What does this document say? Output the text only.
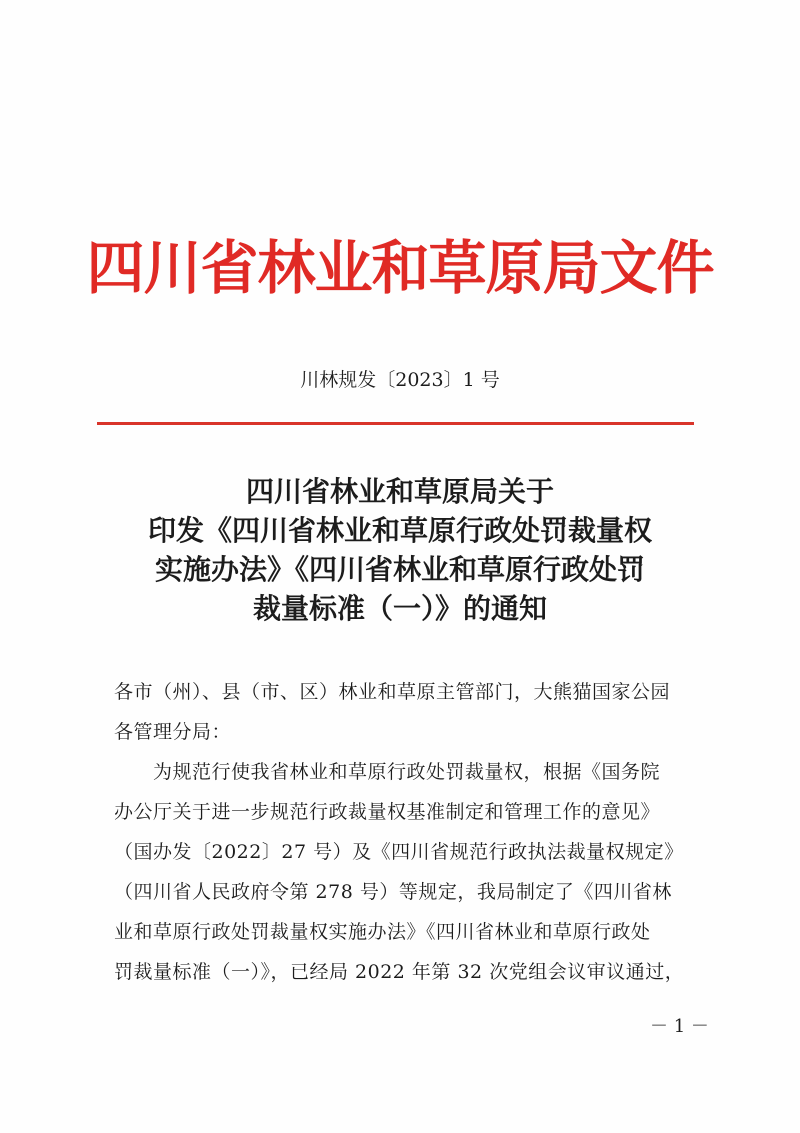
四川省林业和草原局文件
川林规发〔2023〕1 号
四川省林业和草原局关于
印发《四川省林业和草原行政处罚裁量权
实施办法》《四川省林业和草原行政处罚
裁量标准（一）》的通知
各市（州）、县（市、区）林业和草原主管部门，大熊猫国家公园
各管理分局：
　　为规范行使我省林业和草原行政处罚裁量权，根据《国务院
办公厅关于进一步规范行政裁量权基准制定和管理工作的意见》
（国办发〔2022〕27 号）及《四川省规范行政执法裁量权规定》
（四川省人民政府令第 278 号）等规定，我局制定了《四川省林
业和草原行政处罚裁量权实施办法》《四川省林业和草原行政处
罚裁量标准（一）》，已经局 2022 年第 32 次党组会议审议通过，
－ 1 －
